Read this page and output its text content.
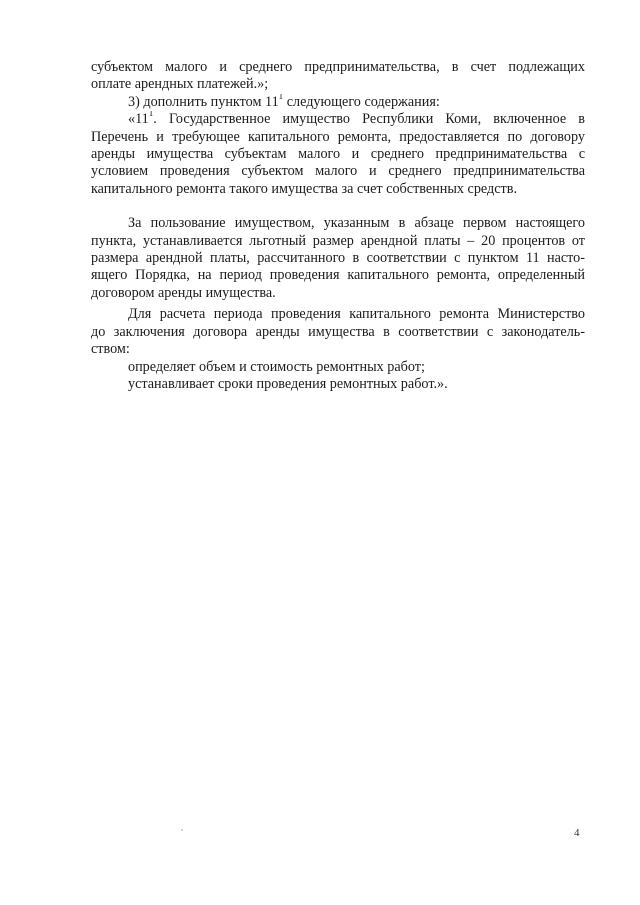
субъектом малого и среднего предпринимательства, в счет подлежащих
оплате арендных платежей.»;
3) дополнить пунктом $11^1$ следующего содержания:
«$11^1$. Государственное имущество Республики Коми, включенное в
Перечень и требующее капитального ремонта, предоставляется по договору
аренды имущества субъектам малого и среднего предпринимательства с
условием проведения субъектом малого и среднего предпринимательства
капитального ремонта такого имущества за счет собственных средств.
За пользование имуществом, указанным в абзаце первом настоящего
пункта, устанавливается льготный размер арендной платы – 20 процентов от
размера арендной платы, рассчитанного в соответствии с пунктом 11 насто-
ящего Порядка, на период проведения капитального ремонта, определенный
договором аренды имущества.
Для расчета периода проведения капитального ремонта Министерство
до заключения договора аренды имущества в соответствии с законодатель-
ством:
определяет объем и стоимость ремонтных работ;
устанавливает сроки проведения ремонтных работ.».
4
